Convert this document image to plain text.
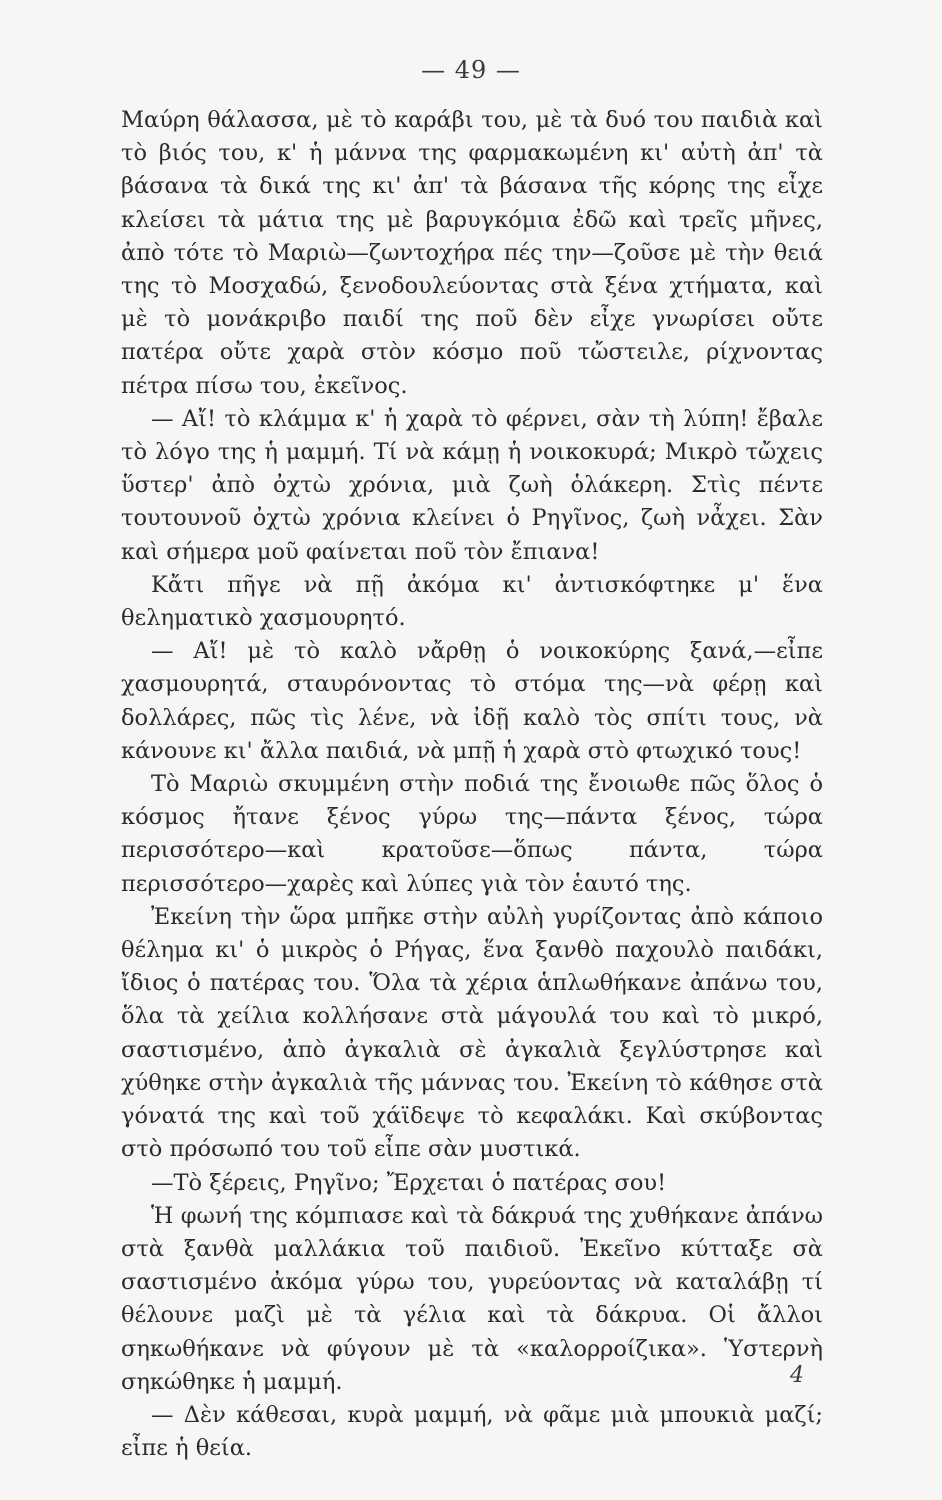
— 49 —

Μαύρη θάλασσα, μὲ τὸ καράβι του, μὲ τὰ δυό του παιδιὰ καὶ τὸ βιός του, κ' ἡ μάννα της φαρμακωμένη κι' αὐτὴ ἀπ' τὰ βάσανα τὰ δικά της κι' ἀπ' τὰ βάσανα τῆς κόρης της εἶχε κλείσει τὰ μάτια της μὲ βαρυγκόμια ἐδῶ καὶ τρεῖς μῆνες, ἀπὸ τότε τὸ Μαριὼ—ζωντοχήρα πές την—ζοῦσε μὲ τὴν θειά της τὸ Μοσχαδώ, ξενοδουλεύοντας στὰ ξένα χτήματα, καὶ μὲ τὸ μονάκριβο παιδί της ποῦ δὲν εἶχε γνωρίσει οὔτε πατέρα οὔτε χαρὰ στὸν κόσμο ποῦ τὤστειλε, ρίχνοντας πέτρα πίσω του, ἐκεῖνος.

— Αἴ! τὸ κλάμμα κ' ἡ χαρὰ τὸ φέρνει, σὰν τὴ λύπη! ἔβαλε τὸ λόγο της ἡ μαμμή. Τί νὰ κάμῃ ἡ νοικοκυρά; Μικρὸ τὤχεις ὕστερ' ἀπὸ ὀχτὼ χρόνια, μιὰ ζωὴ ὁλάκερη. Στὶς πέντε τουτουνοῦ ὀχτὼ χρόνια κλείνει ὁ Ρηγῖνος, ζωὴ νἆχει. Σὰν καὶ σήμερα μοῦ φαίνεται ποῦ τὸν ἔπιανα!

Κἄτι πῆγε νὰ πῇ ἀκόμα κι' ἀντισκόφτηκε μ' ἕνα θεληματικὸ χασμουρητό.

— Αἴ! μὲ τὸ καλὸ νἄρθῃ ὁ νοικοκύρης ξανά,—εἶπε χασμουρητά, σταυρόνοντας τὸ στόμα της—νὰ φέρῃ καὶ δολλάρες, πῶς τὶς λένε, νὰ ἰδῇ καλὸ τὸς σπίτι τους, νὰ κάνουνε κι' ἄλλα παιδιά, νὰ μπῇ ἡ χαρὰ στὸ φτωχικό τους!

Τὸ Μαριὼ σκυμμένη στὴν ποδιά της ἔνοιωθε πῶς ὅλος ὁ κόσμος ἤτανε ξένος γύρω της—πάντα ξένος, τώρα περισσότερο—καὶ κρατοῦσε—ὅπως πάντα, τώρα περισσότερο—χαρὲς καὶ λύπες γιὰ τὸν ἑαυτό της.

Ἐκείνη τὴν ὥρα μπῆκε στὴν αὐλὴ γυρίζοντας ἀπὸ κάποιο θέλημα κι' ὁ μικρὸς ὁ Ρήγας, ἕνα ξανθὸ παχουλὸ παιδάκι, ἴδιος ὁ πατέρας του. Ὅλα τὰ χέρια ἁπλωθήκανε ἀπάνω του, ὅλα τὰ χείλια κολλήσανε στὰ μάγουλά του καὶ τὸ μικρό, σαστισμένο, ἀπὸ ἀγκαλιὰ σὲ ἀγκαλιὰ ξεγλύστρησε καὶ χύθηκε στὴν ἀγκαλιὰ τῆς μάννας του. Ἐκείνη τὸ κάθησε στὰ γόνατά της καὶ τοῦ χάϊδεψε τὸ κεφαλάκι. Καὶ σκύβοντας στὸ πρόσωπό του τοῦ εἶπε σὰν μυστικά.

—Τὸ ξέρεις, Ρηγῖνο; Ἔρχεται ὁ πατέρας σου!

Ἡ φωνή της κόμπιασε καὶ τὰ δάκρυά της χυθήκανε ἀπάνω στὰ ξανθὰ μαλλάκια τοῦ παιδιοῦ. Ἐκεῖνο κύτταξε σὰ σαστισμένο ἀκόμα γύρω του, γυρεύοντας νὰ καταλάβῃ τί θέλουνε μαζὶ μὲ τὰ γέλια καὶ τὰ δάκρυα. Οἱ ἄλλοι σηκωθήκανε νὰ φύγουν μὲ τὰ «καλορροίζικα». Ὑστερνὴ σηκώθηκε ἡ μαμμή.

— Δὲν κάθεσαι, κυρὰ μαμμή, νὰ φᾶμε μιὰ μπουκιὰ μαζί; εἶπε ἡ θεία.

4
